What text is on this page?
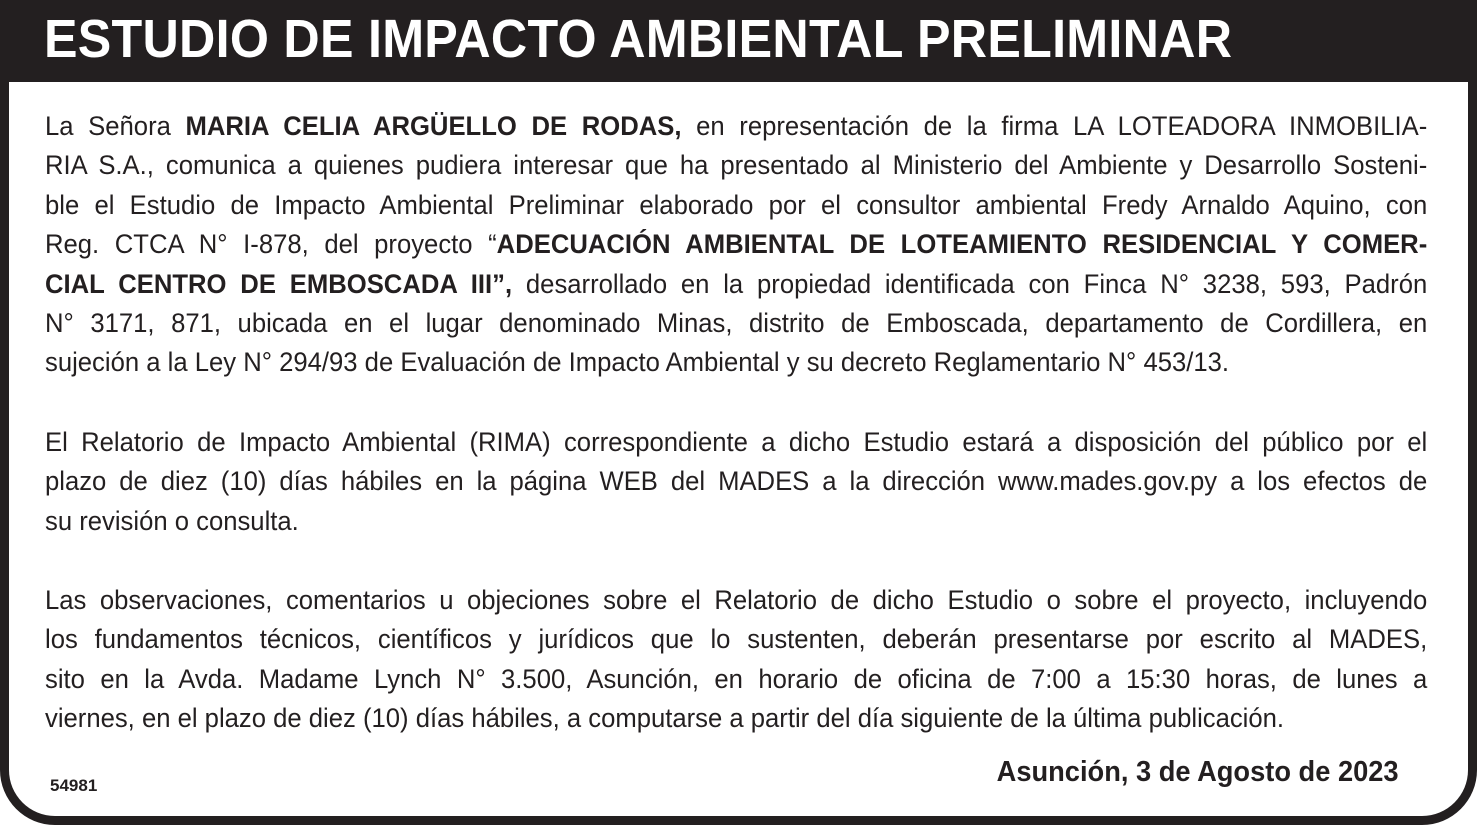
ESTUDIO DE IMPACTO AMBIENTAL PRELIMINAR
La Señora MARIA CELIA ARGÜELLO DE RODAS, en representación de la firma LA LOTEADORA INMOBILIA-
RIA S.A., comunica a quienes pudiera interesar que ha presentado al Ministerio del Ambiente y Desarrollo Sosteni-
ble el Estudio de Impacto Ambiental Preliminar elaborado por el consultor ambiental Fredy Arnaldo Aquino, con
Reg. CTCA N° I-878, del proyecto “ADECUACIÓN AMBIENTAL DE LOTEAMIENTO RESIDENCIAL Y COMER-
CIAL CENTRO DE EMBOSCADA III”, desarrollado en la propiedad identificada con Finca N° 3238, 593, Padrón
N° 3171, 871, ubicada en el lugar denominado Minas, distrito de Emboscada, departamento de Cordillera, en
sujeción a la Ley N° 294/93 de Evaluación de Impacto Ambiental y su decreto Reglamentario N° 453/13.
El Relatorio de Impacto Ambiental (RIMA) correspondiente a dicho Estudio estará a disposición del público por el
plazo de diez (10) días hábiles en la página WEB del MADES a la dirección www.mades.gov.py a los efectos de
su revisión o consulta.
Las observaciones, comentarios u objeciones sobre el Relatorio de dicho Estudio o sobre el proyecto, incluyendo
los fundamentos técnicos, científicos y jurídicos que lo sustenten, deberán presentarse por escrito al MADES,
sito en la Avda. Madame Lynch N° 3.500, Asunción, en horario de oficina de 7:00 a 15:30 horas, de lunes a
viernes, en el plazo de diez (10) días hábiles, a computarse a partir del día siguiente de la última publicación.

Asunción, 3 de Agosto de 2023

54981
